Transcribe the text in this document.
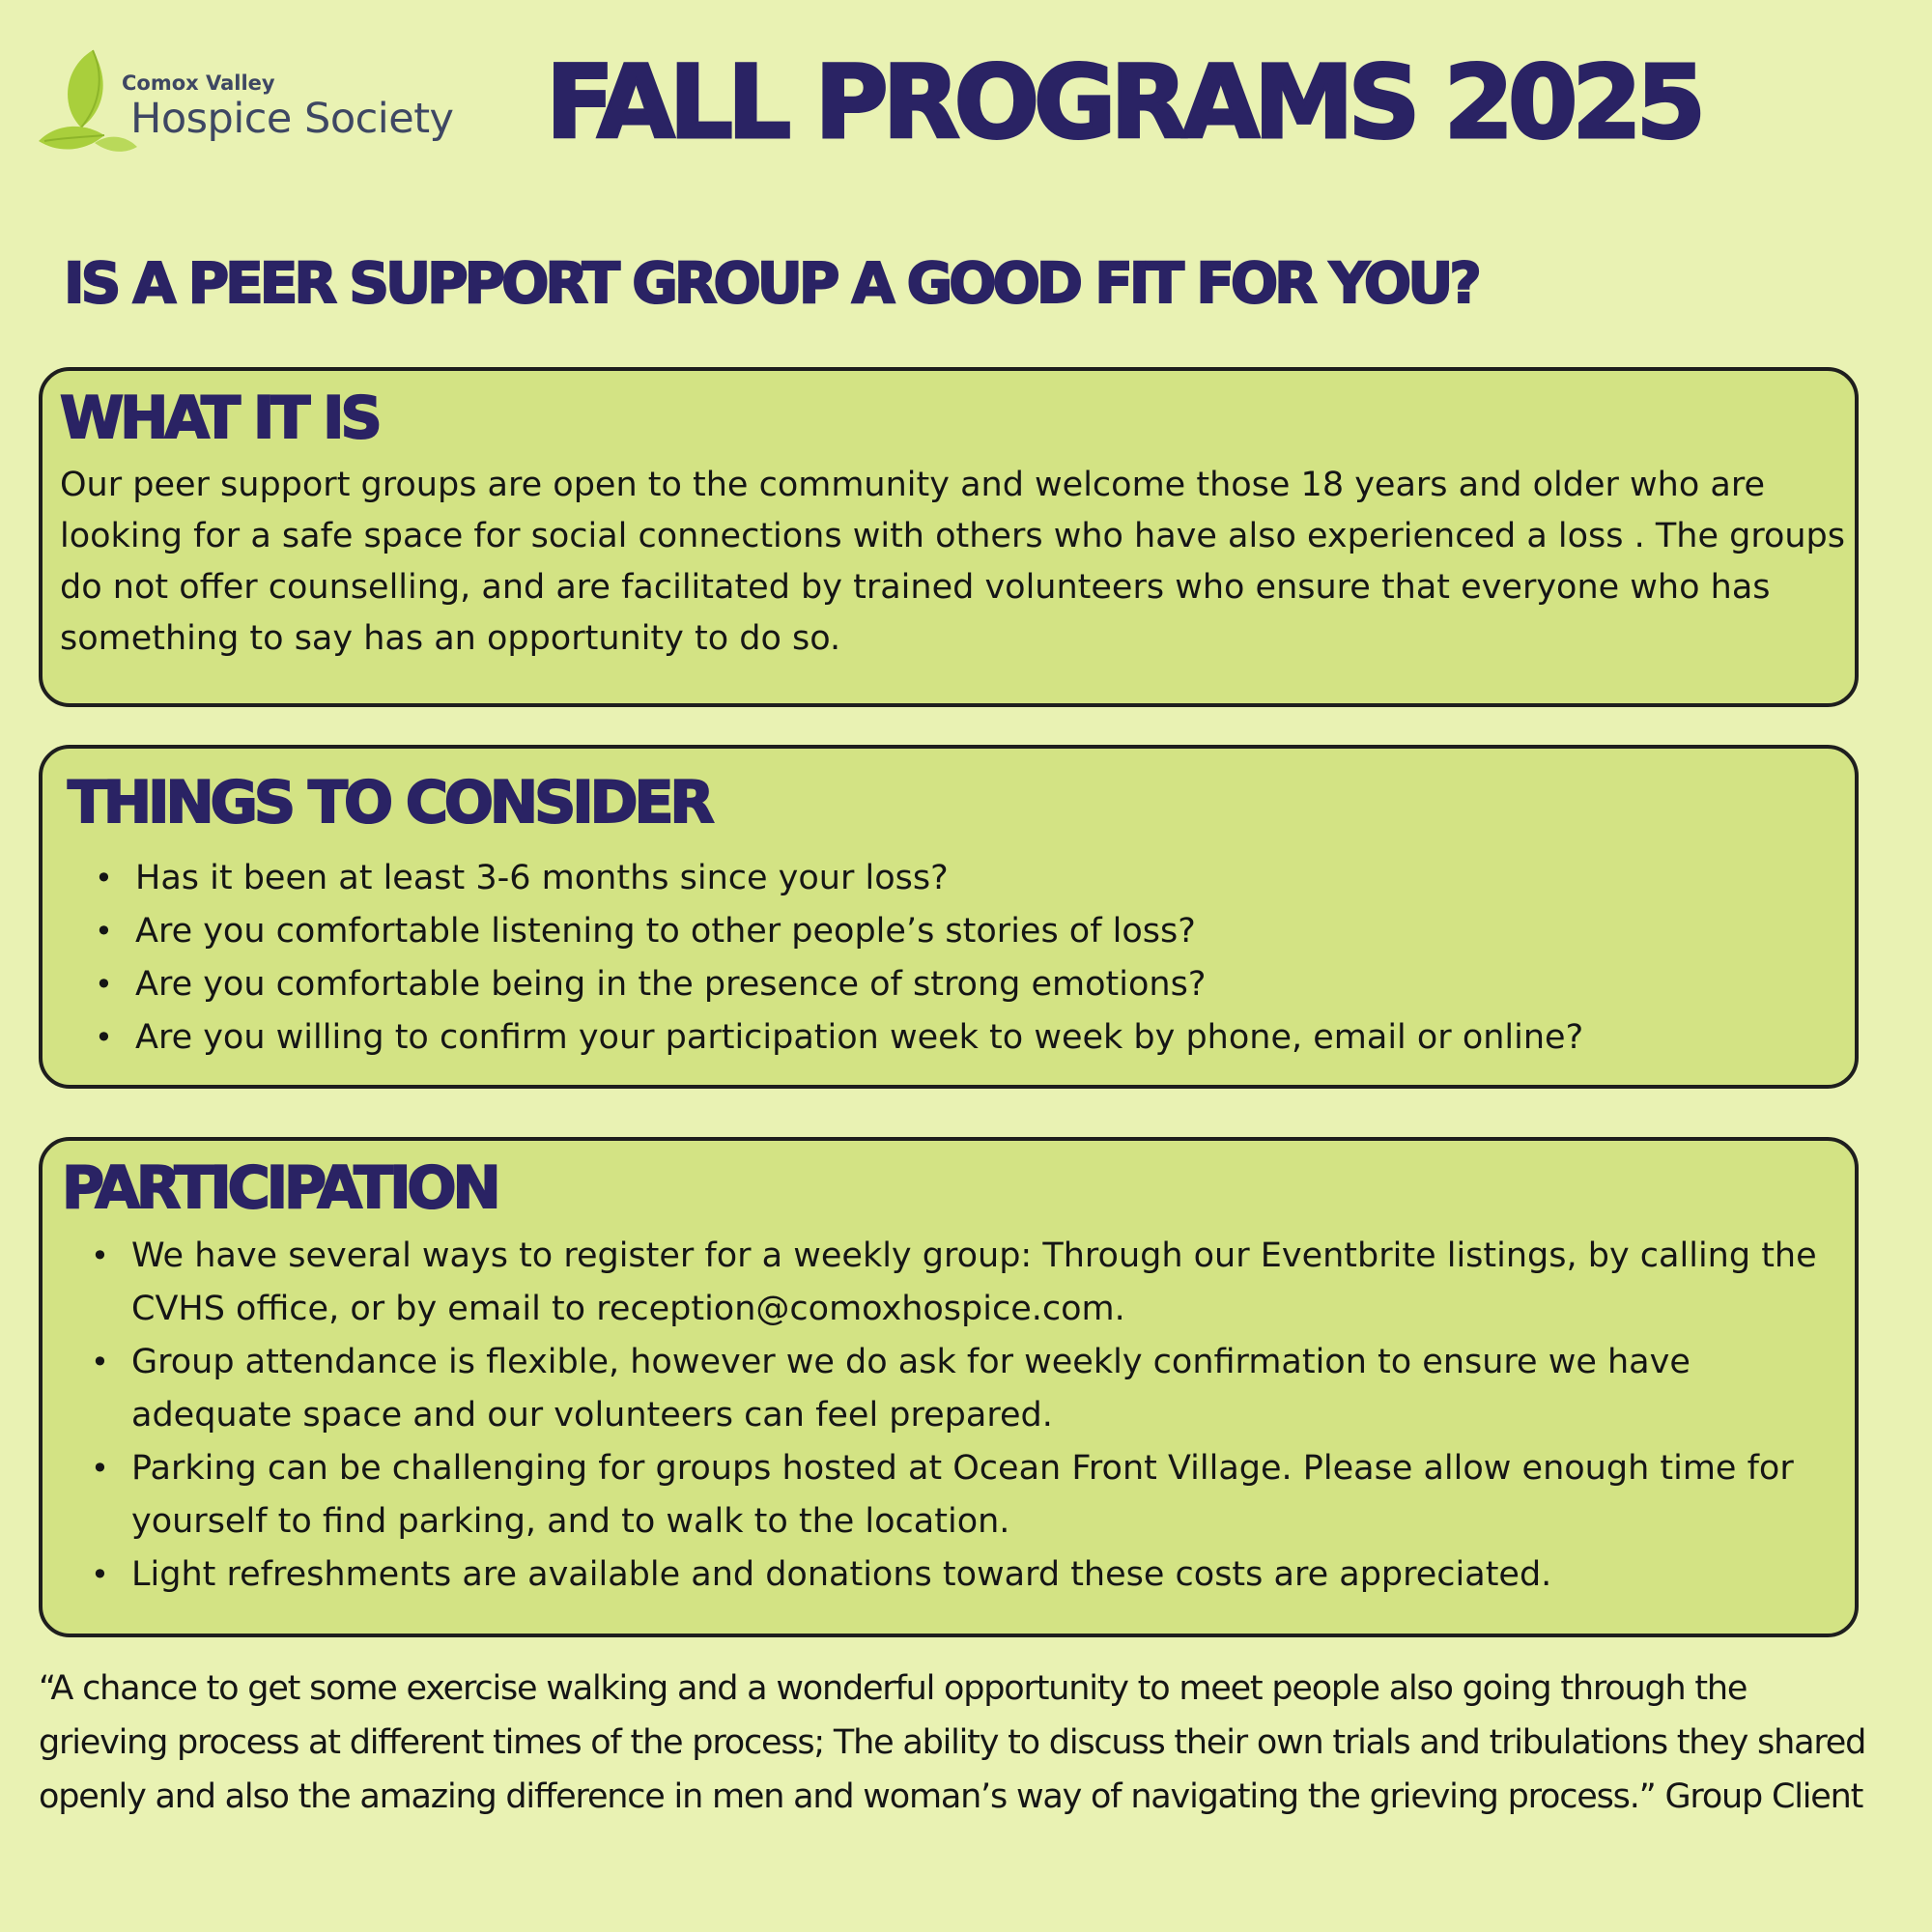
Comox Valley
Hospice Society FALL PROGRAMS 2025
IS A PEER SUPPORT GROUP A GOOD FIT FOR YOU?
WHAT IT IS

Our peer support groups are open to the community and welcome those 18 years and older who are looking for a safe space for social connections with others who have also experienced a loss . The groups do not offer counselling, and are facilitated by trained volunteers who ensure that everyone who has something to say has an opportunity to do so.

THINGS TO CONSIDER
• Has it been at least 3-6 months since your loss?
• Are you comfortable listening to other people’s stories of loss?
• Are you comfortable being in the presence of strong emotions?
• Are you willing to confirm your participation week to week by phone, email or online?
PARTICIPATION
• We have several ways to register for a weekly group: Through our Eventbrite listings, by calling the CVHS office, or by email to reception@comoxhospice.com.
• Group attendance is flexible, however we do ask for weekly confirmation to ensure we have adequate space and our volunteers can feel prepared.
• Parking can be challenging for groups hosted at Ocean Front Village. Please allow enough time for yourself to find parking, and to walk to the location.
• Light refreshments are available and donations toward these costs are appreciated.

“A chance to get some exercise walking and a wonderful opportunity to meet people also going through the grieving process at different times of the process; The ability to discuss their own trials and tribulations they shared openly and also the amazing difference in men and woman’s way of navigating the grieving process.” Group Client
